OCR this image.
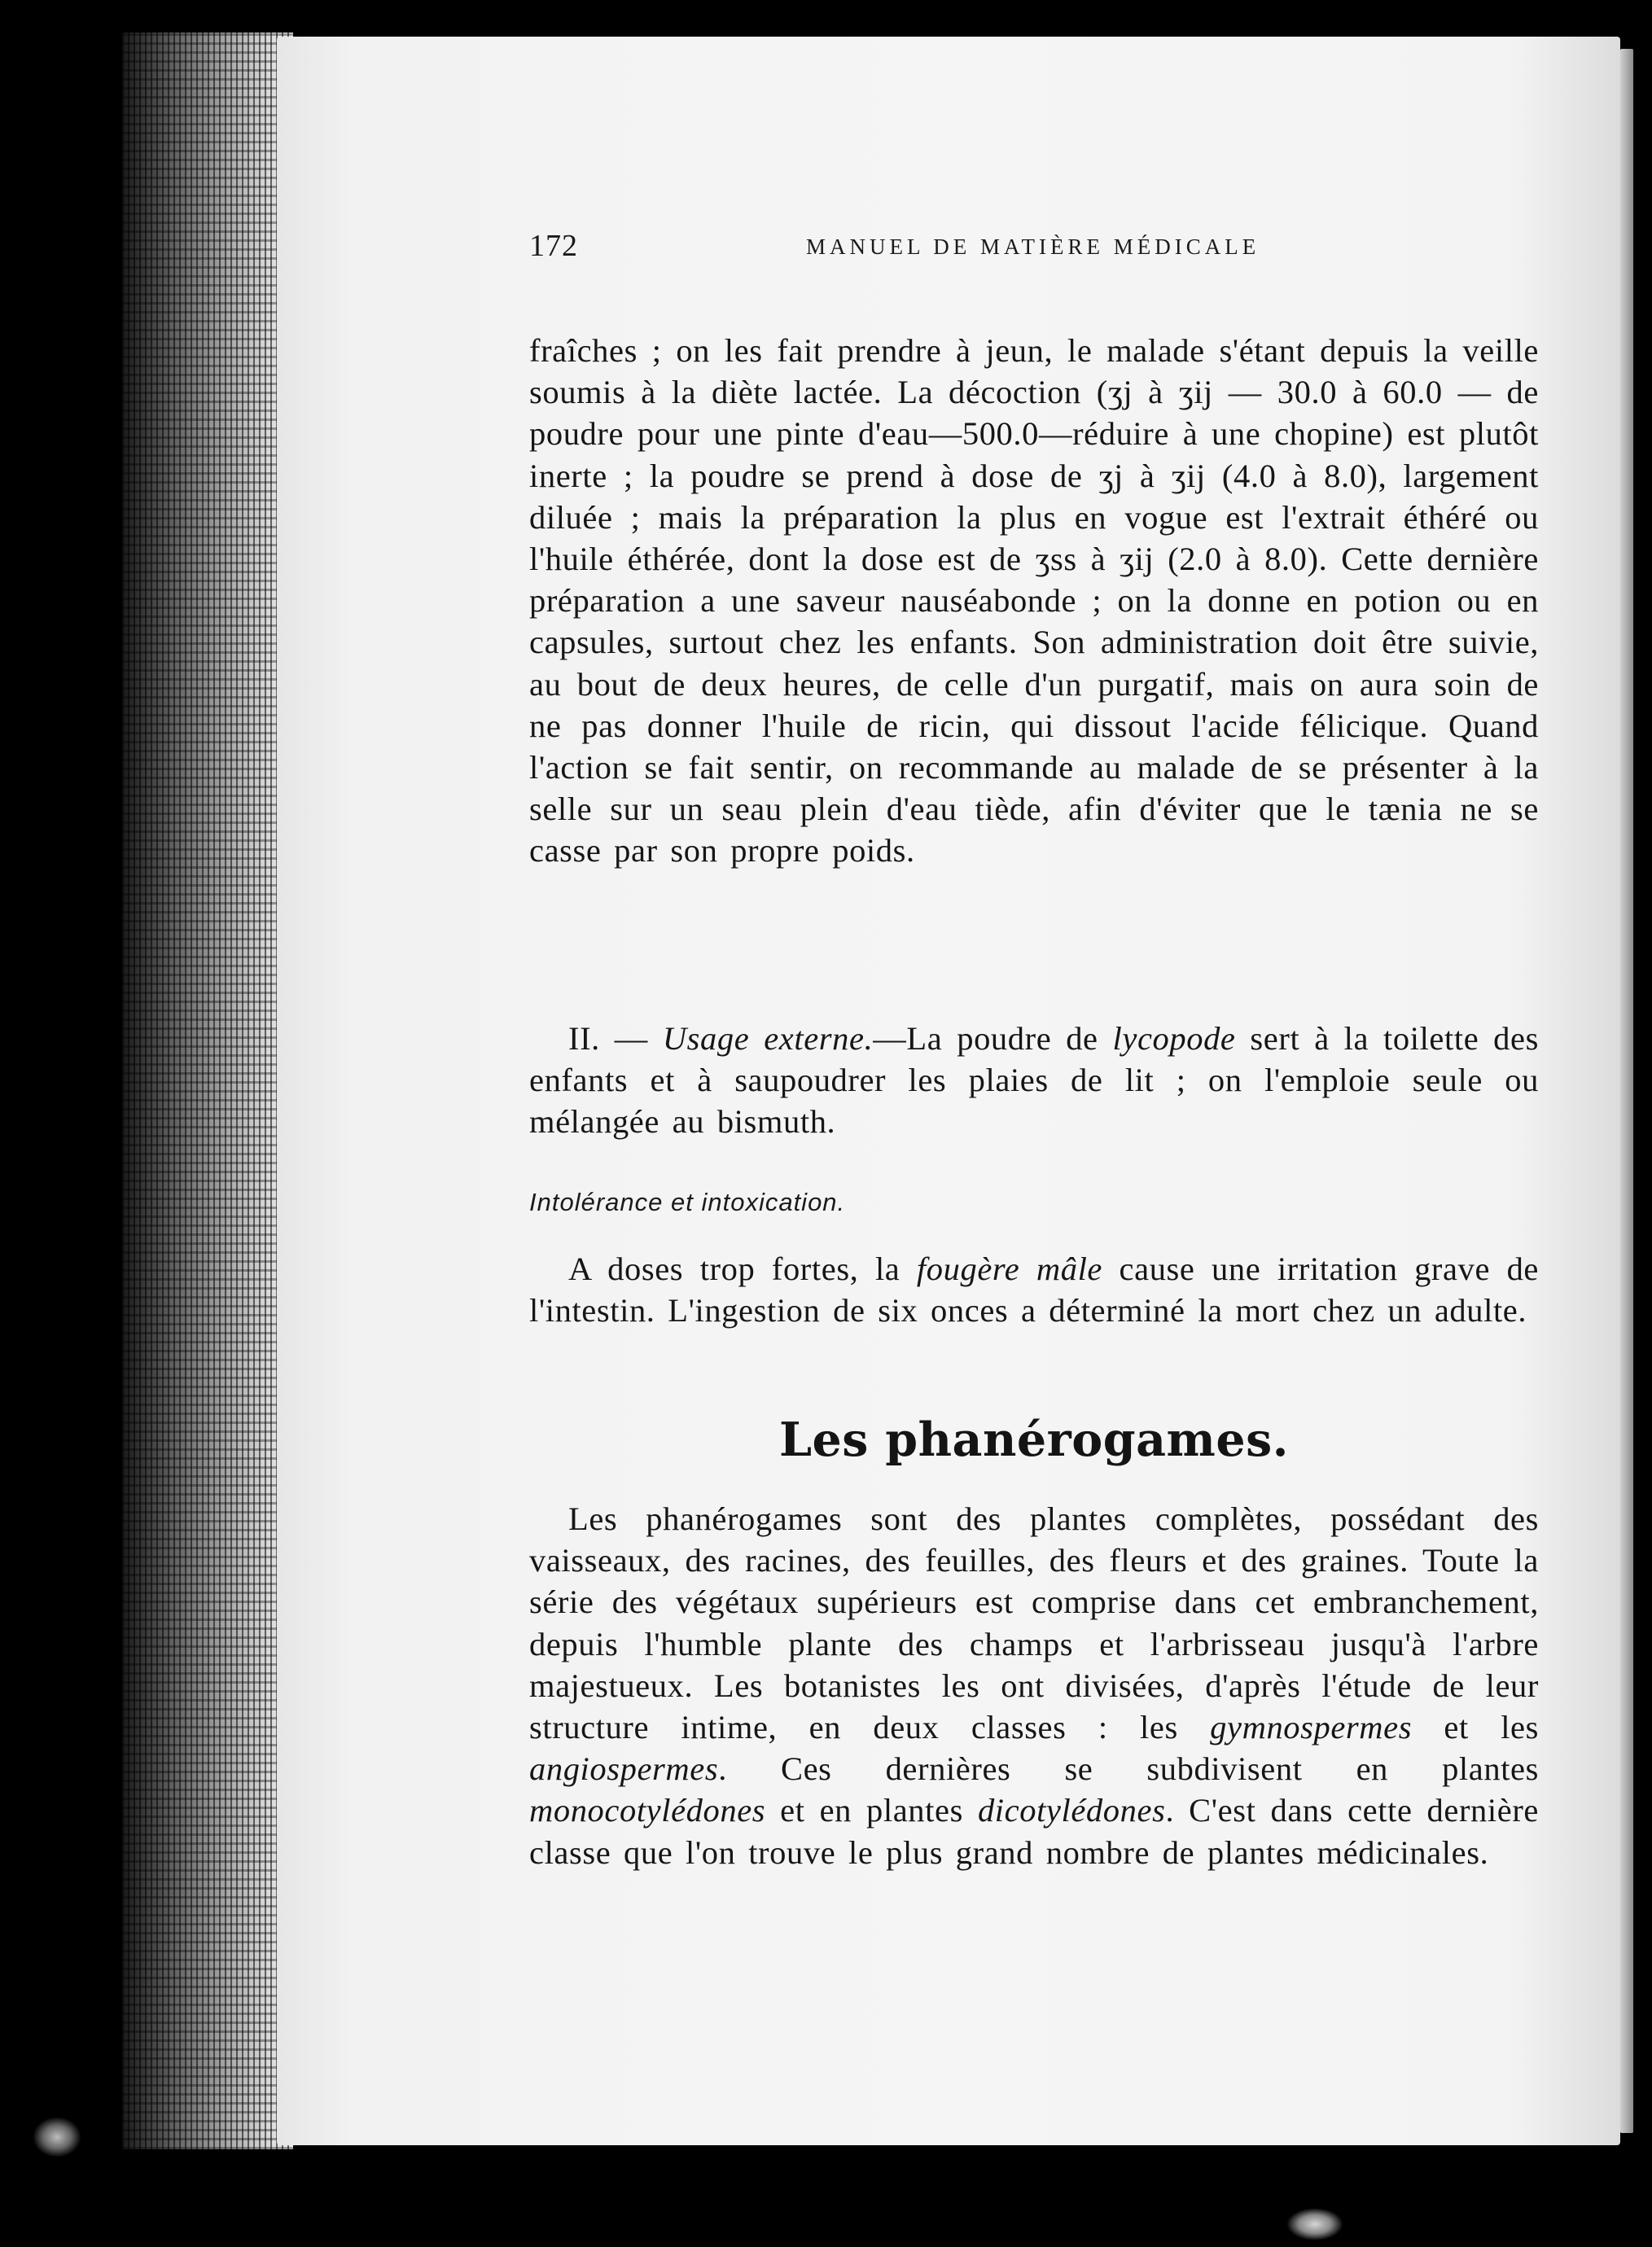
172	MANUEL DE MATIÈRE MÉDICALE

fraîches ; on les fait prendre à jeun, le malade s'étant depuis la veille soumis à la diète lactée. La décoction (ʒj à ʒij — 30.0 à 60.0 — de poudre pour une pinte d'eau—500.0—réduire à une chopine) est plutôt inerte ; la poudre se prend à dose de ʒj à ʒij (4.0 à 8.0), largement diluée ; mais la préparation la plus en vogue est l'extrait éthéré ou l'huile éthérée, dont la dose est de ʒss à ʒij (2.0 à 8.0). Cette dernière préparation a une saveur nauséabonde ; on la donne en potion ou en capsules, surtout chez les enfants. Son administration doit être suivie, au bout de deux heures, de celle d'un purgatif, mais on aura soin de ne pas donner l'huile de ricin, qui dissout l'acide félicique. Quand l'action se fait sentir, on recommande au malade de se présenter à la selle sur un seau plein d'eau tiède, afin d'éviter que le tænia ne se casse par son propre poids.

II. — Usage externe.—La poudre de lycopode sert à la toilette des enfants et à saupoudrer les plaies de lit ; on l'emploie seule ou mélangée au bismuth.

Intolérance et intoxication.

A doses trop fortes, la fougère mâle cause une irritation grave de l'intestin. L'ingestion de six onces a déterminé la mort chez un adulte.

Les phanérogames.

Les phanérogames sont des plantes complètes, possédant des vaisseaux, des racines, des feuilles, des fleurs et des graines. Toute la série des végétaux supérieurs est comprise dans cet embranchement, depuis l'humble plante des champs et l'arbrisseau jusqu'à l'arbre majestueux. Les botanistes les ont divisées, d'après l'étude de leur structure intime, en deux classes : les gymnospermes et les angiospermes. Ces dernières se subdivisent en plantes monocotylédones et en plantes dicotylédones. C'est dans cette dernière classe que l'on trouve le plus grand nombre de plantes médicinales.
